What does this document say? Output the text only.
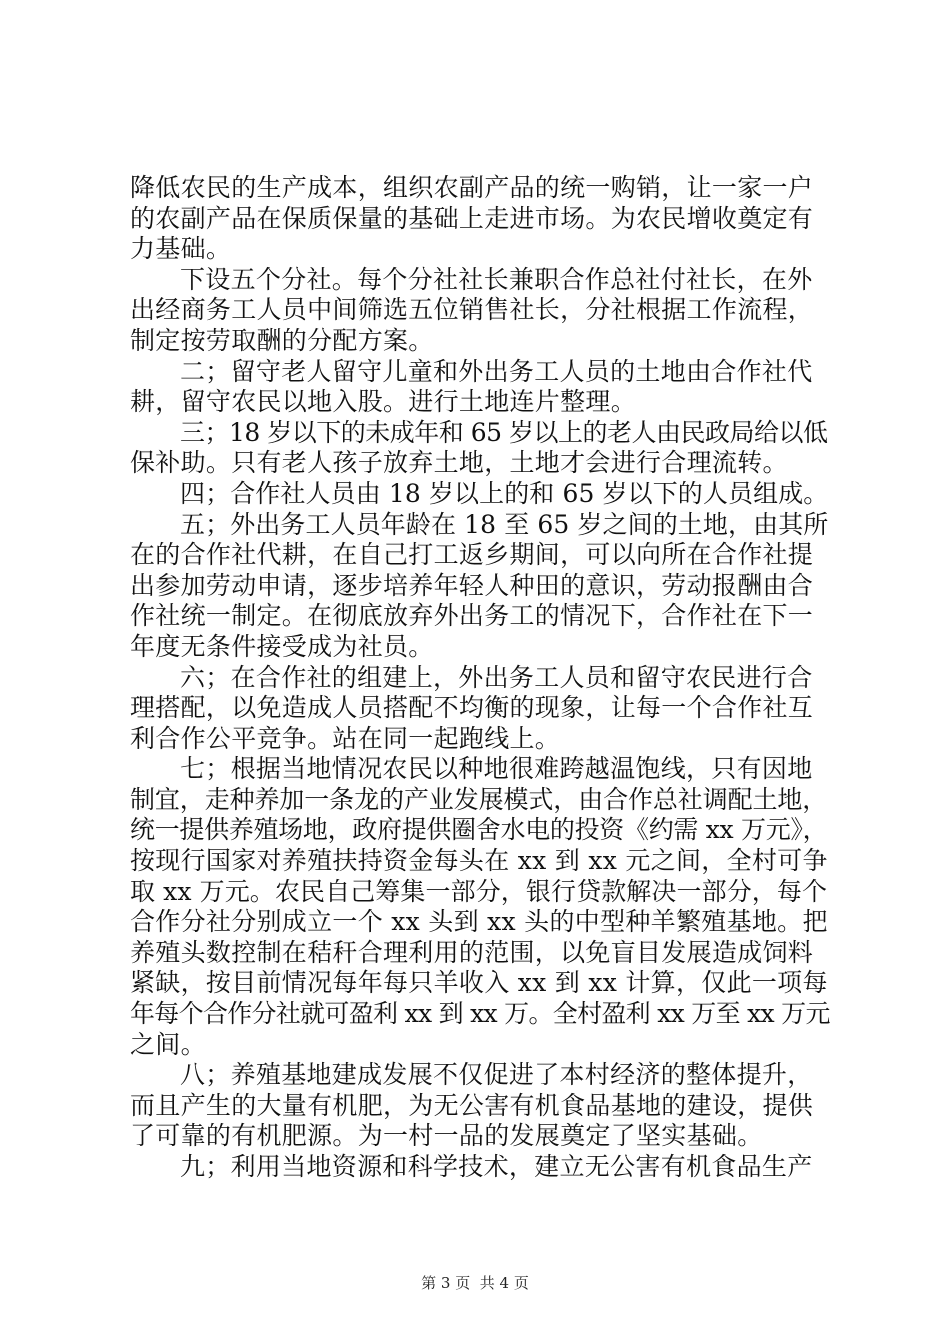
降低农民的生产成本，组织农副产品的统一购销，让一家一户
的农副产品在保质保量的基础上走进市场。为农民增收奠定有
力基础。
下设五个分社。每个分社社长兼职合作总社付社长，在外
出经商务工人员中间筛选五位销售社长，分社根据工作流程，
制定按劳取酬的分配方案。
二；留守老人留守儿童和外出务工人员的土地由合作社代
耕，留守农民以地入股。进行土地连片整理。
三；18 岁以下的未成年和 65 岁以上的老人由民政局给以低
保补助。只有老人孩子放弃土地，土地才会进行合理流转。
四；合作社人员由 18 岁以上的和 65 岁以下的人员组成。
五；外出务工人员年龄在 18 至 65 岁之间的土地，由其所
在的合作社代耕，在自己打工返乡期间，可以向所在合作社提
出参加劳动申请，逐步培养年轻人种田的意识，劳动报酬由合
作社统一制定。在彻底放弃外出务工的情况下，合作社在下一
年度无条件接受成为社员。
六；在合作社的组建上，外出务工人员和留守农民进行合
理搭配，以免造成人员搭配不均衡的现象，让每一个合作社互
利合作公平竞争。站在同一起跑线上。
七；根据当地情况农民以种地很难跨越温饱线，只有因地
制宜，走种养加一条龙的产业发展模式，由合作总社调配土地，
统一提供养殖场地，政府提供圈舍水电的投资《约需 xx 万元》，
按现行国家对养殖扶持资金每头在 xx 到 xx 元之间，全村可争
取 xx 万元。农民自己筹集一部分，银行贷款解决一部分，每个
合作分社分别成立一个 xx 头到 xx 头的中型种羊繁殖基地。把
养殖头数控制在秸秆合理利用的范围，以免盲目发展造成饲料
紧缺，按目前情况每年每只羊收入 xx 到 xx 计算，仅此一项每
年每个合作分社就可盈利 xx 到 xx 万。全村盈利 xx 万至 xx 万元
之间。
八；养殖基地建成发展不仅促进了本村经济的整体提升，
而且产生的大量有机肥，为无公害有机食品基地的建设，提供
了可靠的有机肥源。为一村一品的发展奠定了坚实基础。
九；利用当地资源和科学技术，建立无公害有机食品生产
第 3 页  共 4 页
